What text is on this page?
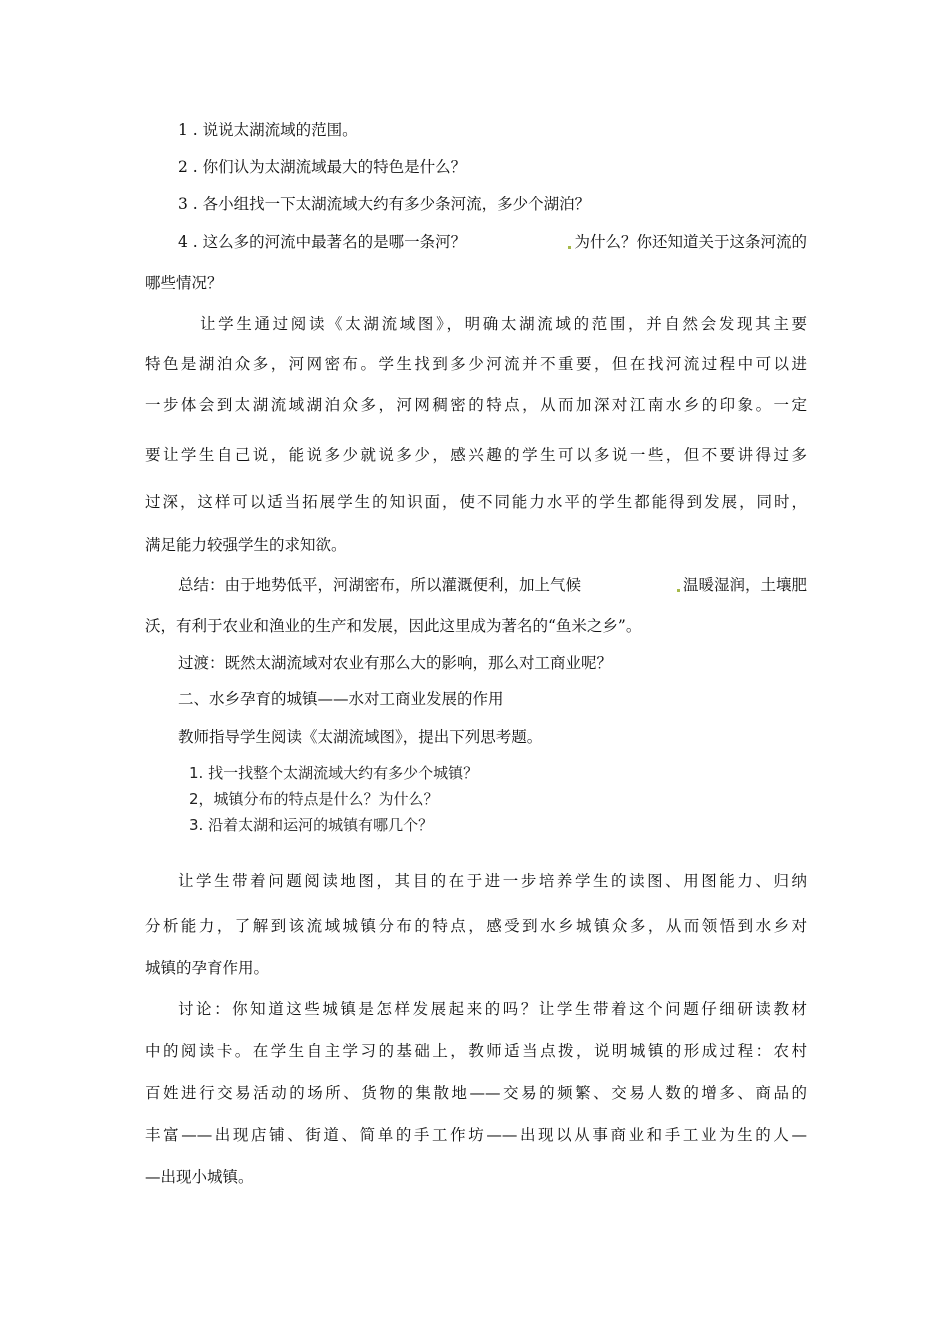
1 . 说说太湖流域的范围。
2 . 你们认为太湖流域最大的特色是什么？
3 . 各小组找一下太湖流域大约有多少条河流，多少个湖泊？
4 . 这么多的河流中最著名的是哪一条河？	为什么？你还知道关于这条河流的
哪些情况？
让学生通过阅读《太湖流域图》，明确太湖流域的范围，并自然会发现其主要
特色是湖泊众多，河网密布。学生找到多少河流并不重要，但在找河流过程中可以进
一步体会到太湖流域湖泊众多，河网稠密的特点，从而加深对江南水乡的印象。一定
要让学生自己说，能说多少就说多少，感兴趣的学生可以多说一些，但不要讲得过多
过深，这样可以适当拓展学生的知识面，使不同能力水平的学生都能得到发展，同时，
满足能力较强学生的求知欲。
总结：由于地势低平，河湖密布，所以灌溉便利，加上气候	温暖湿润，土壤肥
沃，有利于农业和渔业的生产和发展，因此这里成为著名的“鱼米之乡”。
过渡：既然太湖流域对农业有那么大的影响，那么对工商业呢？
二、水乡孕育的城镇——水对工商业发展的作用
教师指导学生阅读《太湖流域图》，提出下列思考题。
1. 找一找整个太湖流域大约有多少个城镇？
2，城镇分布的特点是什么？为什么？
3. 沿着太湖和运河的城镇有哪几个？
让学生带着问题阅读地图，其目的在于进一步培养学生的读图、用图能力、归纳
分析能力，了解到该流域城镇分布的特点，感受到水乡城镇众多，从而领悟到水乡对
城镇的孕育作用。
讨论：你知道这些城镇是怎样发展起来的吗？让学生带着这个问题仔细研读教材
中的阅读卡。在学生自主学习的基础上，教师适当点拨，说明城镇的形成过程：农村
百姓进行交易活动的场所、货物的集散地——交易的频繁、交易人数的增多、商品的
丰富——出现店铺、街道、简单的手工作坊——出现以从事商业和手工业为生的人—
—出现小城镇。
